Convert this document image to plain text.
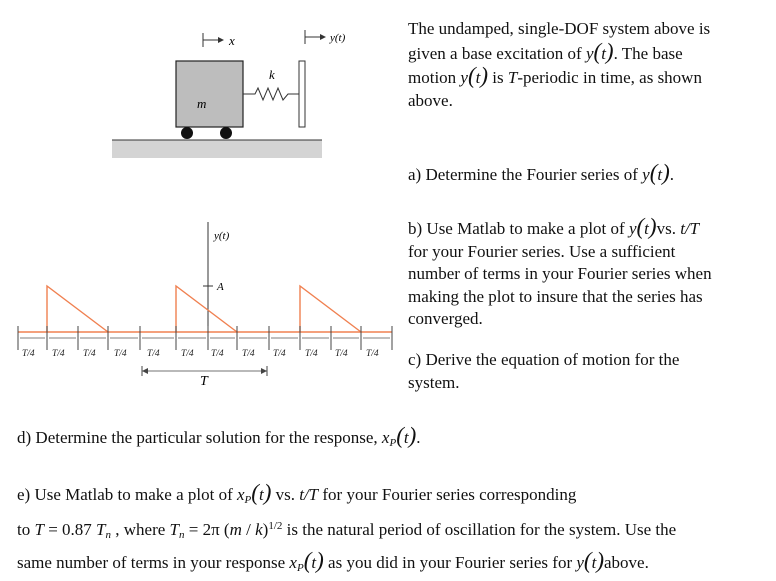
x	y(t)
m
k
y(t)
A
T/4 T/4 T/4 T/4 T/4 T/4 T/4 T/4 T/4 T/4 T/4 T/4
T
The undamped, single-DOF system above is
given a base excitation of y(t). The base
motion y(t) is T-periodic in time, as shown
above.
a) Determine the Fourier series of y(t).
b) Use Matlab to make a plot of y(t)vs. t/T
for your Fourier series. Use a sufficient
number of terms in your Fourier series when
making the plot to insure that the series has
converged.
c) Derive the equation of motion for the
system.
d) Determine the particular solution for the response, $x_P(t)$.
e) Use Matlab to make a plot of $x_P(t)$ vs. t/T for your Fourier series corresponding
to T = 0.87 $T_n$ , where $T_n = 2\pi$ (m / k)$^{1/2}$ is the natural period of oscillation for the system. Use the
same number of terms in your response $x_P(t)$ as you did in your Fourier series for y(t)above.
